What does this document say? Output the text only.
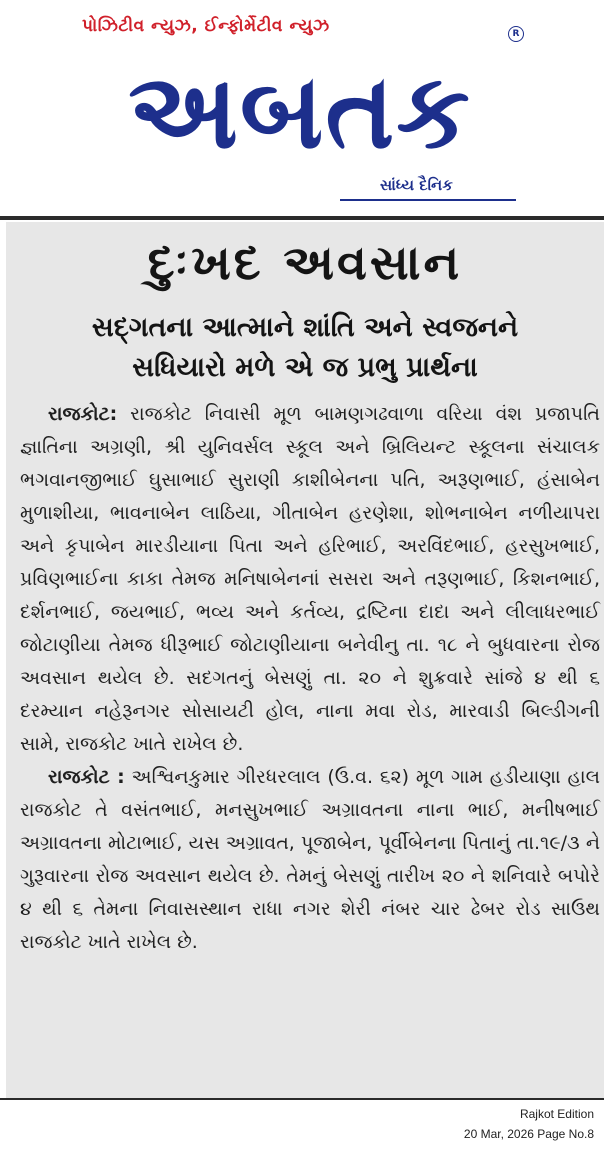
પોઝિટીવ ન્યુઝ, ઈન્ફોર્મેટીવ ન્યુઝ
અબતક
R
સાંધ્ય દૈનિક
દુઃખદ અવસાન
સદ્ગતના આત્માને શાંતિ અને સ્વજનને
સધિયારો મળે એ જ પ્રભુ પ્રાર્થના

રાજકોટ: રાજકોટ નિવાસી મૂળ બામણગઢવાળા વરિયા વંશ પ્રજાપતિ જ્ઞાતિના અગ્રણી, શ્રી યુનિવર્સલ સ્કૂલ અને બ્રિલિયન્ટ સ્કૂલના સંચાલક ભગવાનજીભાઈ ઘુસાભાઈ સુરાણી કાશીબેનના પતિ, અરૂણભાઈ, હંસાબેન મુળાશીયા, ભાવનાબેન લાઠિયા, ગીતાબેન હરણેશા, શોભનાબેન નળીયાપરા અને કૃપાબેન મારડીયાના પિતા અને હરિભાઈ, અરવિંદભાઈ, હરસુખભાઈ, પ્રવિણભાઈના કાકા તેમજ મનિષાબેનનાં સસરા અને તરૂણભાઈ, કિશનભાઈ, દર્શનભાઈ, જયભાઈ, ભવ્ય અને કર્તવ્ય, દ્રષ્ટિના દાદા અને લીલાધરભાઈ જોટાણીયા તેમજ ધીરૂભાઈ જોટાણીયાના બનેવીનુ તા. ૧૮ ને બુધવારના રોજ અવસાન થયેલ છે. સદગતનું બેસણું તા. ૨૦ ને શુક્રવારે સાંજે ૪ થી ૬ દરમ્યાન નહેરૂનગર સોસાયટી હોલ, નાના મવા રોડ, મારવાડી બિલ્ડીગની સામે, રાજકોટ ખાતે રાખેલ છે.

રાજકોટ : અશ્વિનકુમાર ગીરધરલાલ (ઉ.વ. ૬૨) મૂળ ગામ હડીયાણા હાલ રાજકોટ તે વસંતભાઈ, મનસુખભાઈ અગ્રાવતના નાના ભાઈ, મનીષભાઈ અગ્રાવતના મોટાભાઈ, યસ અગ્રાવત, પૂજાબેન, પૂર્વીબેનના પિતાનું તા.૧૯/૩ ને ગુરૂવારના રોજ અવસાન થયેલ છે. તેમનું બેસણું તારીખ ૨૦ ને શનિવારે બપોરે ૪ થી ૬ તેમના નિવાસસ્થાન રાધા નગર શેરી નંબર ચાર ઢેબર રોડ સાઉથ રાજકોટ ખાતે રાખેલ છે.

Rajkot Edition
20 Mar, 2026 Page No.8
